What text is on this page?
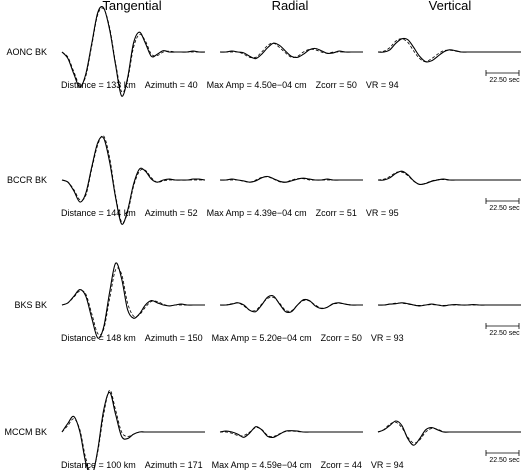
Tangential	Radial	Vertical
AONC BK
Distance = 133 km  Azimuth = 40  Max Amp = 4.50e−04 cm  Zcorr = 50  VR = 94	22.50 sec
BCCR BK
Distance = 144 km  Azimuth = 52  Max Amp = 4.39e−04 cm  Zcorr = 51  VR = 95	22.50 sec
BKS BK
Distance = 148 km  Azimuth = 150  Max Amp = 5.20e−04 cm  Zcorr = 50  VR = 93	22.50 sec
MCCM BK
Distance = 100 km  Azimuth = 171  Max Amp = 4.59e−04 cm  Zcorr = 44  VR = 94	22.50 sec
